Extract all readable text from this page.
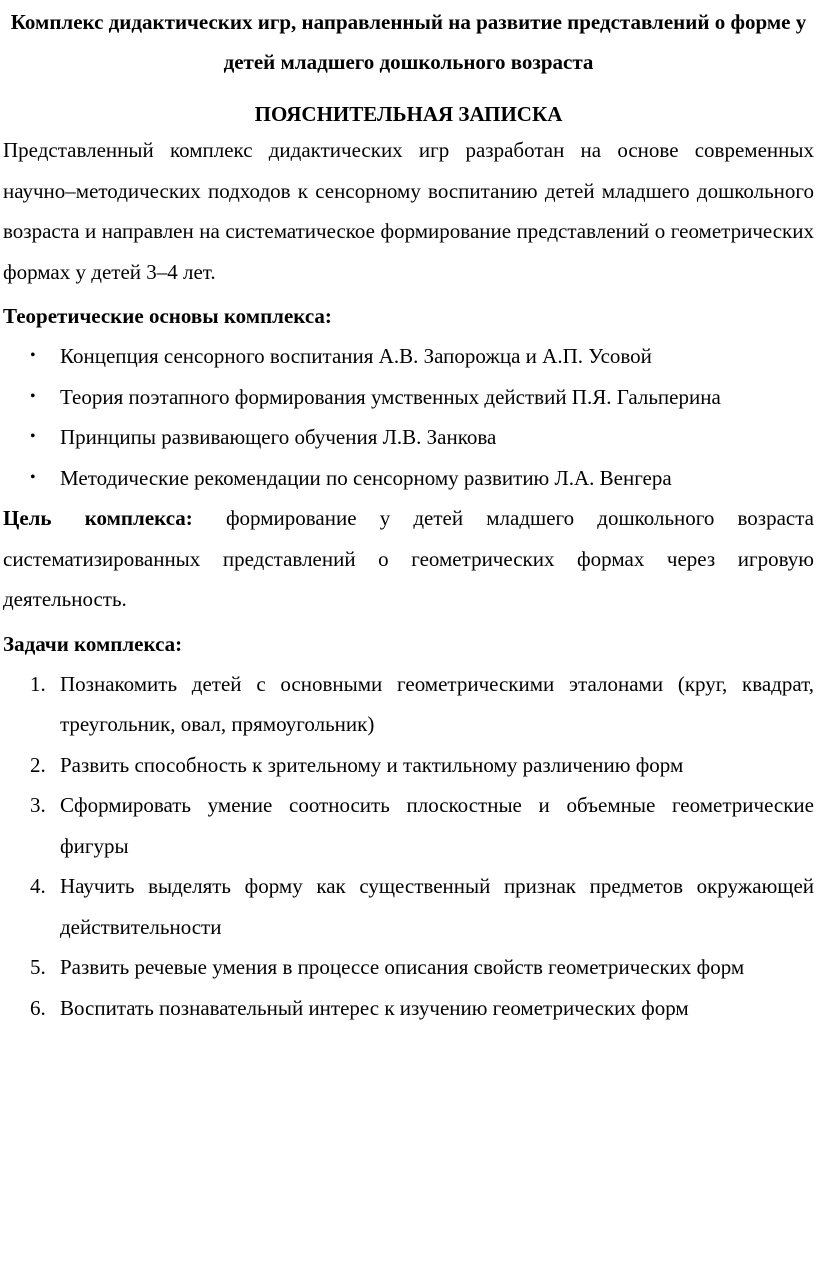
Комплекс дидактических игр, направленный на развитие представлений о форме у детей младшего дошкольного возраста
ПОЯСНИТЕЛЬНАЯ ЗАПИСКА

Представленный комплекс дидактических игр разработан на основе современных научно–методических подходов к сенсорному воспитанию детей младшего дошкольного возраста и направлен на систематическое формирование представлений о геометрических формах у детей 3–4 лет.

Теоретические основы комплекса:
• Концепция сенсорного воспитания А.В. Запорожца и А.П. Усовой
• Теория поэтапного формирования умственных действий П.Я. Гальперина
• Принципы развивающего обучения Л.В. Занкова
• Методические рекомендации по сенсорному развитию Л.А. Венгера

Цель комплекса: формирование у детей младшего дошкольного возраста систематизированных представлений о геометрических формах через игровую деятельность.

Задачи комплекса:
1. Познакомить детей с основными геометрическими эталонами (круг, квадрат, треугольник, овал, прямоугольник)
2. Развить способность к зрительному и тактильному различению форм
3. Сформировать умение соотносить плоскостные и объемные геометрические фигуры
4. Научить выделять форму как существенный признак предметов окружающей действительности
5. Развить речевые умения в процессе описания свойств геометрических форм
6. Воспитать познавательный интерес к изучению геометрических форм
